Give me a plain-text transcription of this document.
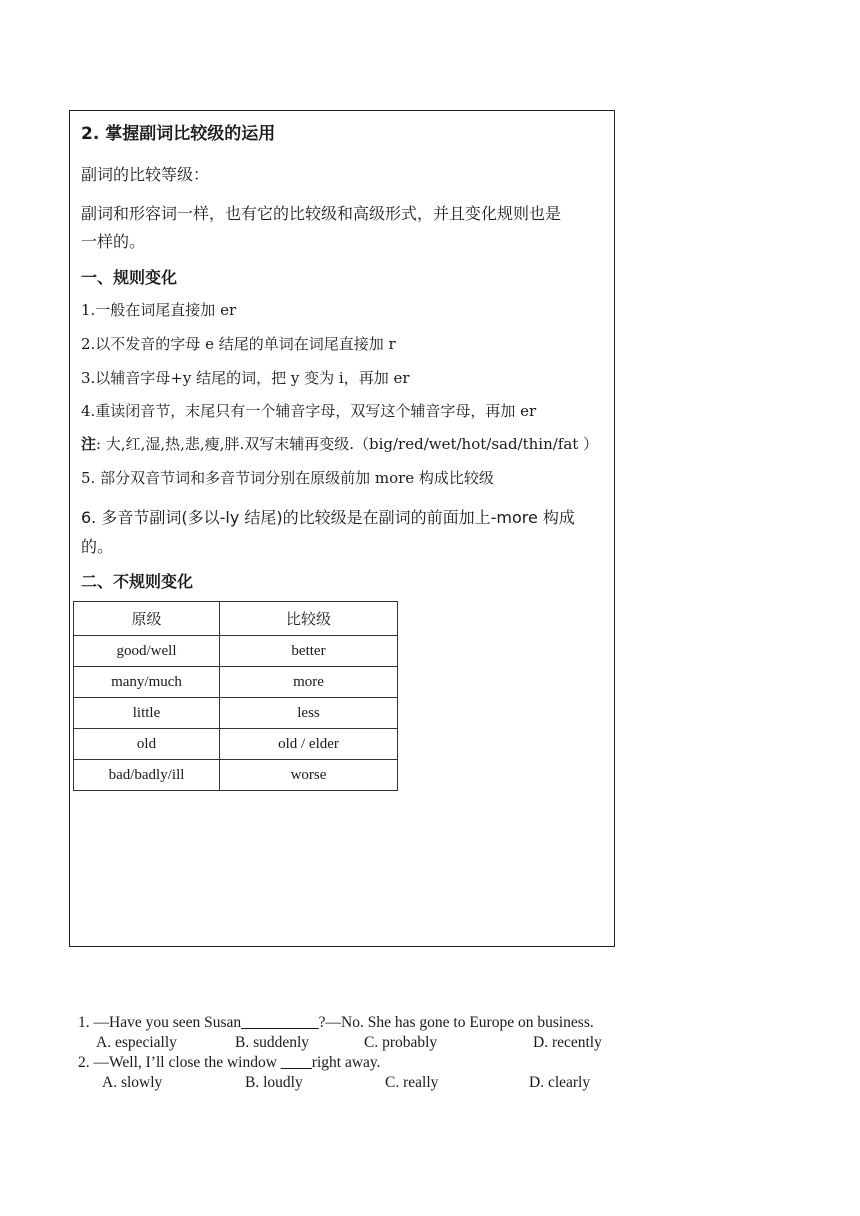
2. 掌握副词比较级的运用
副词的比较等级：
副词和形容词一样，也有它的比较级和高级形式，并且变化规则也是
一样的。
一、规则变化
1.一般在词尾直接加 er
2.以不发音的字母 e 结尾的单词在词尾直接加 r
3.以辅音字母+y 结尾的词，把 y 变为 i，再加 er
4.重读闭音节，末尾只有一个辅音字母，双写这个辅音字母，再加 er
注: 大,红,湿,热,悲,瘦,胖.双写末辅再变级.（big/red/wet/hot/sad/thin/fat ）
5. 部分双音节词和多音节词分别在原级前加 more 构成比较级
6. 多音节副词(多以-ly 结尾)的比较级是在副词的前面加上-more 构成
的。
二、不规则变化
原级	比较级
good/well	better
many/much	more
little	less
old	old / elder
bad/badly/ill	worse
1. —Have you seen Susan__________?—No. She has gone to Europe on business.
A. especially	B. suddenly	C. probably	D. recently
2. —Well, I’ll close the window ____right away.
A. slowly	B. loudly	C. really	D. clearly
